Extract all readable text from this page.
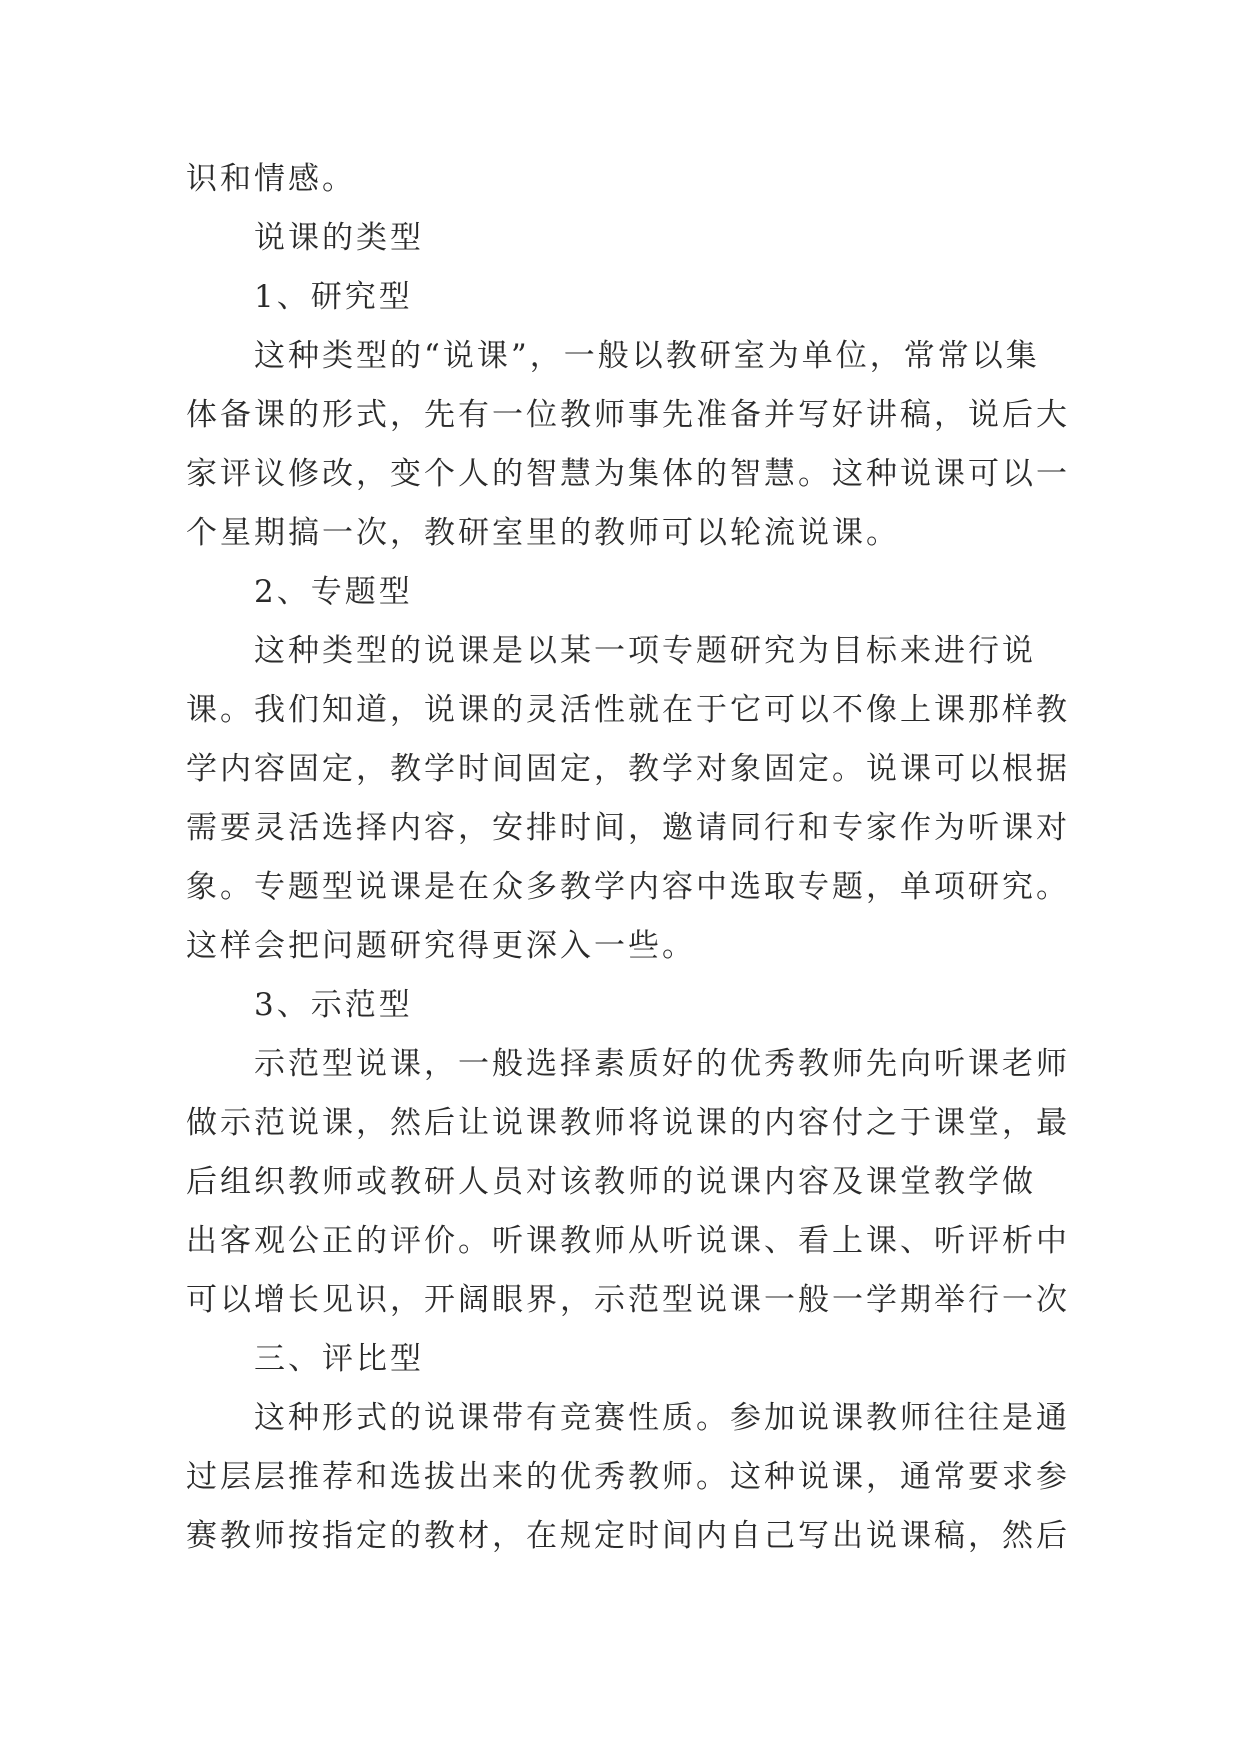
识和情感。
说课的类型
1、研究型
这种类型的“说课”，一般以教研室为单位，常常以集
体备课的形式，先有一位教师事先准备并写好讲稿，说后大
家评议修改，变个人的智慧为集体的智慧。这种说课可以一
个星期搞一次，教研室里的教师可以轮流说课。
2、专题型
这种类型的说课是以某一项专题研究为目标来进行说
课。我们知道，说课的灵活性就在于它可以不像上课那样教
学内容固定，教学时间固定，教学对象固定。说课可以根据
需要灵活选择内容，安排时间，邀请同行和专家作为听课对
象。专题型说课是在众多教学内容中选取专题，单项研究。
这样会把问题研究得更深入一些。
3、示范型
示范型说课，一般选择素质好的优秀教师先向听课老师
做示范说课，然后让说课教师将说课的内容付之于课堂，最
后组织教师或教研人员对该教师的说课内容及课堂教学做
出客观公正的评价。听课教师从听说课、看上课、听评析中
可以增长见识，开阔眼界，示范型说课一般一学期举行一次
三、评比型
这种形式的说课带有竞赛性质。参加说课教师往往是通
过层层推荐和选拔出来的优秀教师。这种说课，通常要求参
赛教师按指定的教材，在规定时间内自己写出说课稿，然后
